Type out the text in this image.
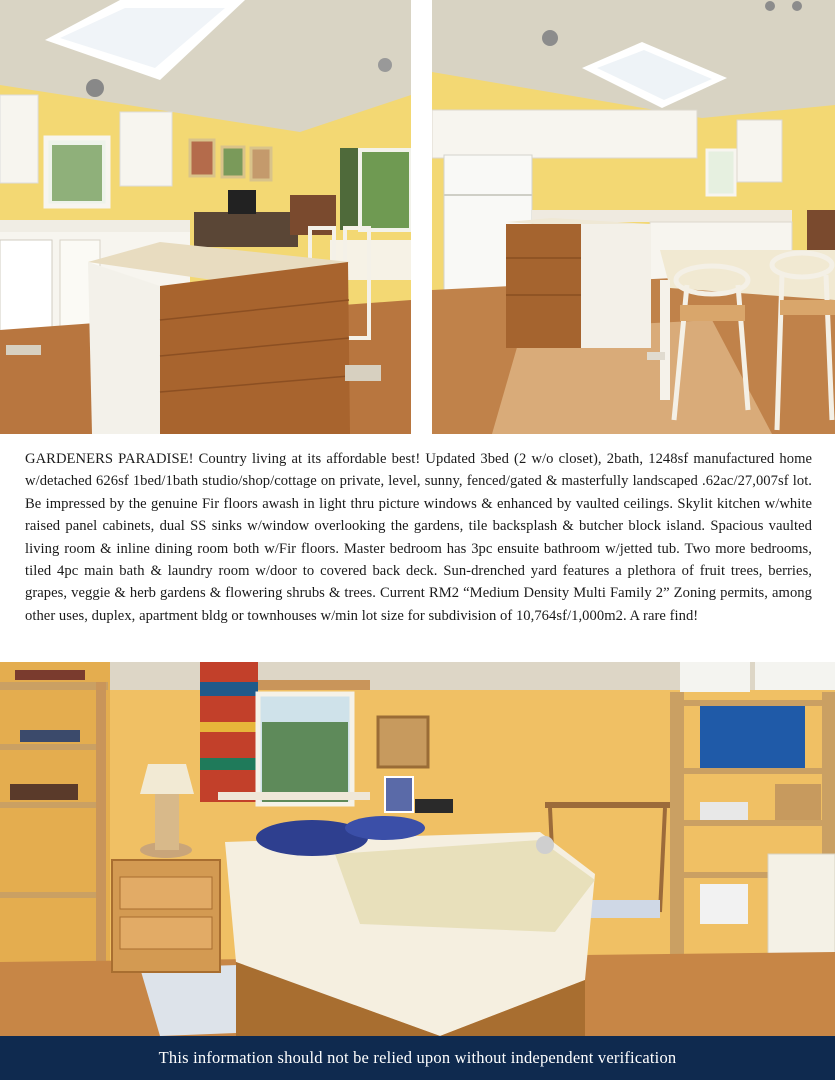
GARDENERS PARADISE! Country living at its affordable best! Updated 3bed (2 w/o closet), 2bath, 1248sf manufactured home w/detached 626sf 1bed/1bath studio/shop/cottage on private, level, sunny, fenced/gated & masterfully landscaped .62ac/27,007sf lot. Be impressed by the genuine Fir floors awash in light thru picture windows & enhanced by vaulted ceilings. Skylit kitchen w/white raised panel cabinets, dual SS sinks w/window overlooking the gardens, tile backsplash & butcher block island. Spacious vaulted living room & inline dining room both w/Fir floors. Master bedroom has 3pc ensuite bathroom w/jetted tub. Two more bedrooms, tiled 4pc main bath & laundry room w/door to covered back deck. Sun-drenched yard features a plethora of fruit trees, berries, grapes, veggie & herb gardens & flowering shrubs & trees. Current RM2 “Medium Density Multi Family 2” Zoning permits, among other uses, duplex, apartment bldg or townhouses w/min lot size for subdivision of 10,764sf/1,000m2. A rare find!

This information should not be relied upon without independent verification
